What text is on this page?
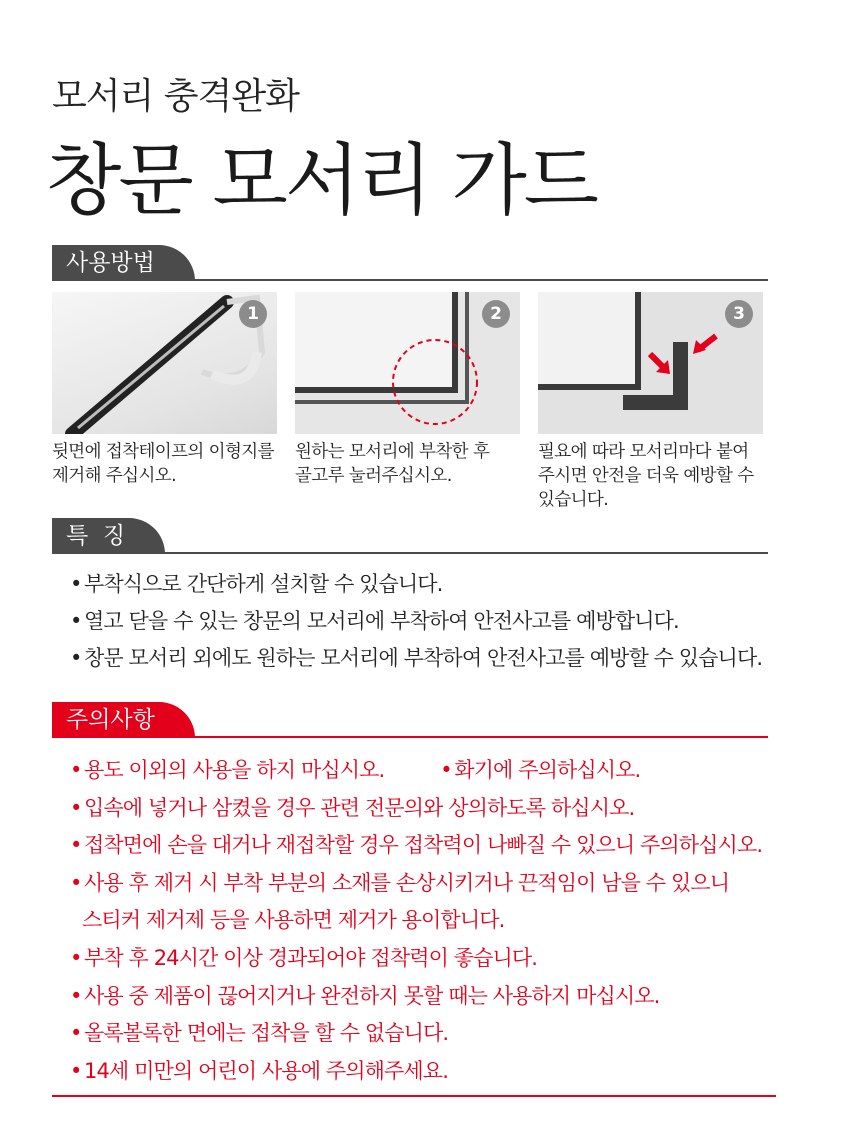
모서리 충격완화
창문 모서리 가드
사용방법
1
뒷면에 접착테이프의 이형지를
제거해 주십시오.
2
원하는 모서리에 부착한 후
골고루 눌러주십시오.
3
필요에 따라 모서리마다 붙여
주시면 안전을 더욱 예방할 수
있습니다.
특  징
• 부착식으로 간단하게 설치할 수 있습니다.
• 열고 닫을 수 있는 창문의 모서리에 부착하여 안전사고를 예방합니다.
• 창문 모서리 외에도 원하는 모서리에 부착하여 안전사고를 예방할 수 있습니다.
주의사항
• 용도 이외의 사용을 하지 마십시오.	• 화기에 주의하십시오.
• 입속에 넣거나 삼켰을 경우 관련 전문의와 상의하도록 하십시오.
• 접착면에 손을 대거나 재접착할 경우 접착력이 나빠질 수 있으니 주의하십시오.
• 사용 후 제거 시 부착 부분의 소재를 손상시키거나 끈적임이 남을 수 있으니
스티커 제거제 등을 사용하면 제거가 용이합니다.
• 부착 후 24시간 이상 경과되어야 접착력이 좋습니다.
• 사용 중 제품이 끊어지거나 완전하지 못할 때는 사용하지 마십시오.
• 올록볼록한 면에는 접착을 할 수 없습니다.
• 14세 미만의 어린이 사용에 주의해주세요.
